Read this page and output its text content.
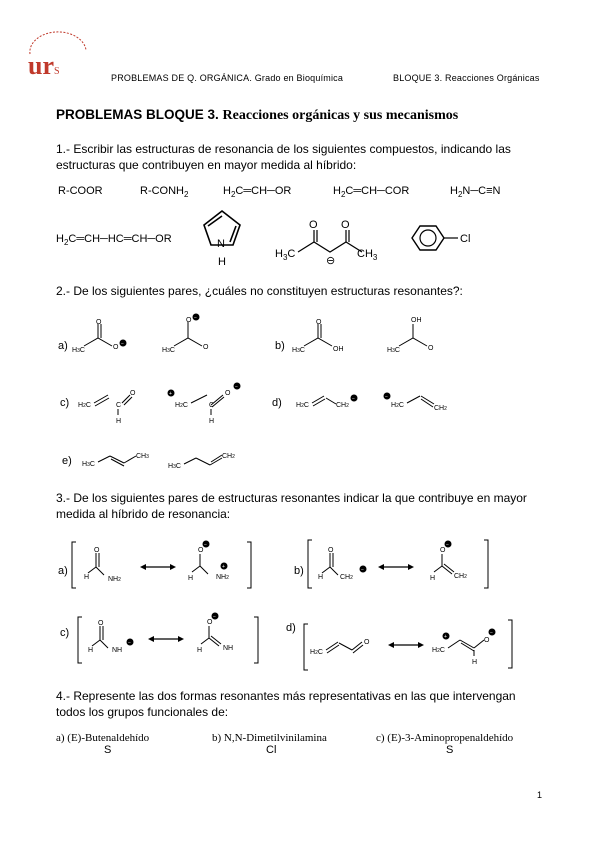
ur S
PROBLEMAS DE Q. ORGÁNICA. Grado en Bioquímica	BLOQUE 3. Reacciones Orgánicas
PROBLEMAS BLOQUE 3. Reacciones orgánicas y sus mecanismos
1.- Escribir las estructuras de resonancia de los siguientes compuestos, indicando las
estructuras que contribuyen en mayor medida al híbrido:
R-COOR	$R-CONH_2$	$H_2C═CH─OR$	$H_2C═CH─COR$	$H_2N─C\equiv N$
$H_2C═CH─HC═CH─OR$	N
H
O O
$H_3C$	$CH_3$
⊖
Cl
2.- De los siguientes pares, ¿cuáles no constituyen estructuras resonantes?:
a)
O
O −
H3C
O −
O
H3C	b)
O
OH
H3C
OH
O
H3C
c) H2C	C
O
H
+
H2C	C
O
−
H
d) H2C	CH2
−	−
H2C	CH2
e) H3C
CH3
H3C
CH2
3.- De los siguientes pares de estructuras resonantes indicar la que contribuye en mayor
medida al híbrido de resonancia:
a)
O
H	NH2
O
−
+
H	NH2
b)
O
H CH2
−
O
−
H	CH2
c)
O
H	NH
−
O
−
H	NH
d)
H2C
O
+
H2C
O
−
H
4.- Represente las dos formas resonantes más representativas en las que intervengan
todos los grupos funcionales de:
a) (E)-Butenaldehído
S
b) N,N-Dimetilvinilamina
Cl
c) (E)-3-Aminopropenaldehído
S
1
